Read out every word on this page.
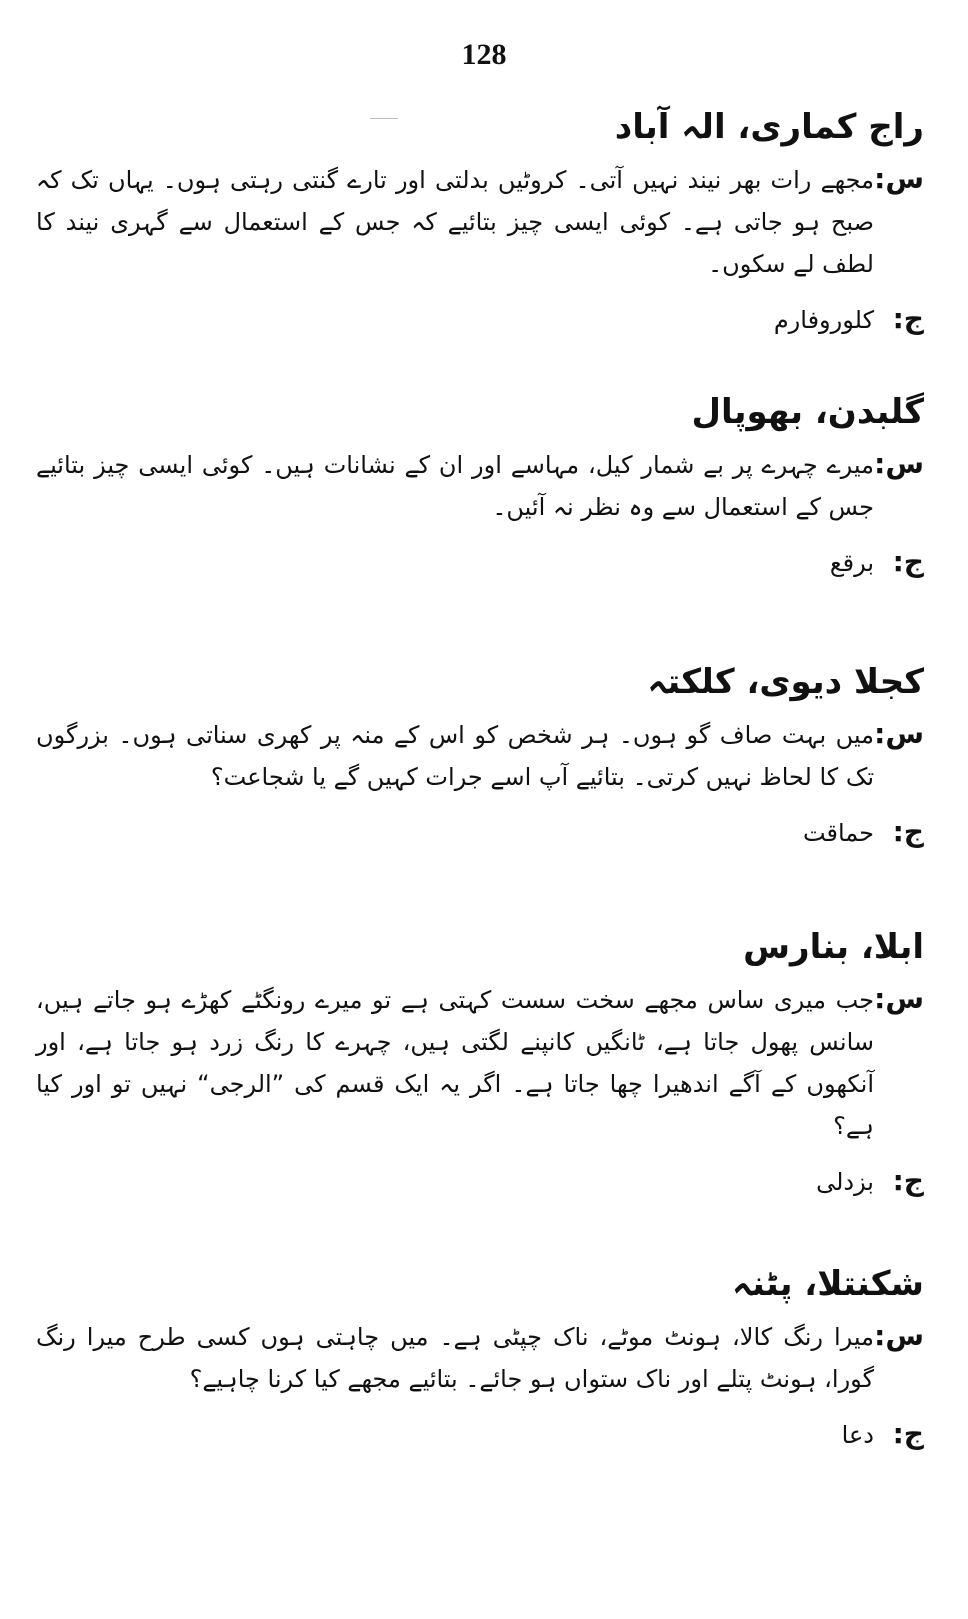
128
راج کماری، الہ آباد
س:
مجھے رات بھر نیند نہیں آتی۔ کروٹیں بدلتی اور تارے گنتی رہتی ہوں۔ یہاں تک کہ صبح ہو جاتی ہے۔ کوئی ایسی چیز بتائیے کہ جس کے استعمال سے گہری نیند کا لطف لے سکوں۔
ج:
کلوروفارم
گلبدن، بھوپال
س:
میرے چہرے پر بے شمار کیل، مہاسے اور ان کے نشانات ہیں۔ کوئی ایسی چیز بتائیے جس کے استعمال سے وہ نظر نہ آئیں۔
ج:
برقع
کجلا دیوی، کلکتہ
س:
میں بہت صاف گو ہوں۔ ہر شخص کو اس کے منہ پر کھری سناتی ہوں۔ بزرگوں تک کا لحاظ نہیں کرتی۔ بتائیے آپ اسے جرات کہیں گے یا شجاعت؟
ج:
حماقت
ابلا، بنارس
س:
جب میری ساس مجھے سخت سست کہتی ہے تو میرے رونگٹے کھڑے ہو جاتے ہیں، سانس پھول جاتا ہے، ٹانگیں کانپنے لگتی ہیں، چہرے کا رنگ زرد ہو جاتا ہے، اور آنکھوں کے آگے اندھیرا چھا جاتا ہے۔ اگر یہ ایک قسم کی ”الرجی“ نہیں تو اور کیا ہے؟
ج:
بزدلی
شکنتلا، پٹنہ
س:
میرا رنگ کالا، ہونٹ موٹے، ناک چپٹی ہے۔ میں چاہتی ہوں کسی طرح میرا رنگ گورا، ہونٹ پتلے اور ناک ستواں ہو جائے۔ بتائیے مجھے کیا کرنا چاہیے؟
ج:
دعا
